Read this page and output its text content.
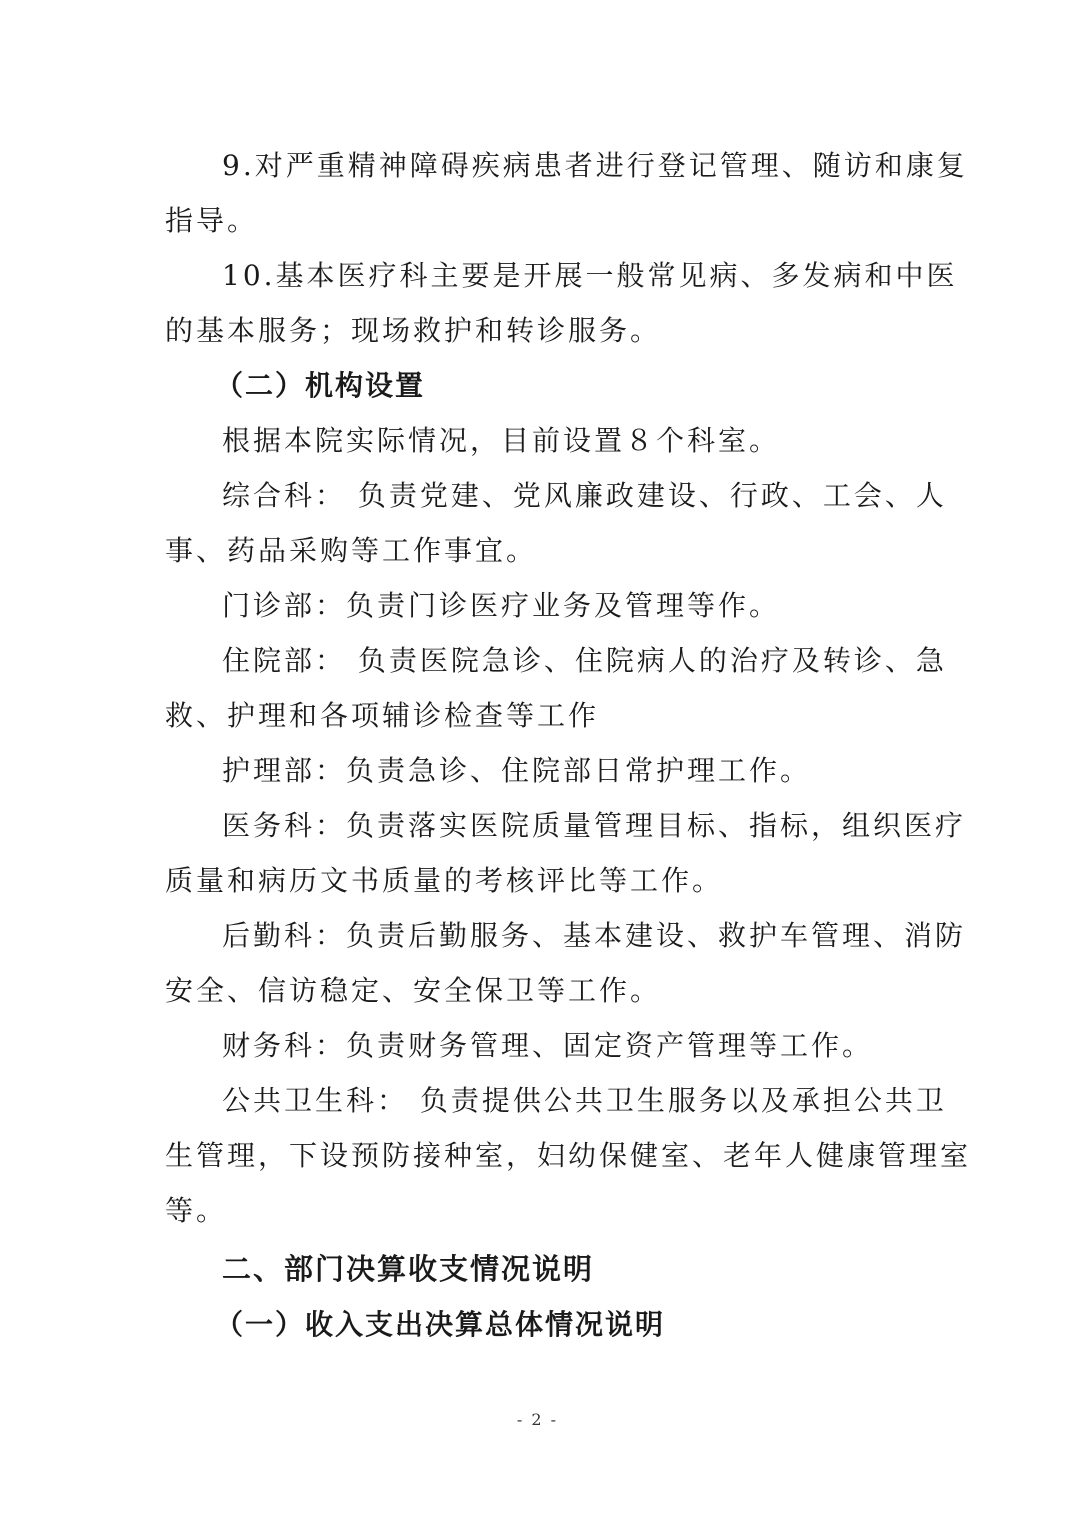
9.对严重精神障碍疾病患者进行登记管理、随访和康复
指导。
10.基本医疗科主要是开展一般常见病、多发病和中医
的基本服务；现场救护和转诊服务。
（二）机构设置
根据本院实际情况，目前设置８个科室。
综合科： 负责党建、党风廉政建设、行政、工会、人
事、药品采购等工作事宜。
门诊部：负责门诊医疗业务及管理等作。
住院部： 负责医院急诊、住院病人的治疗及转诊、急
救、护理和各项辅诊检查等工作
护理部：负责急诊、住院部日常护理工作。
医务科：负责落实医院质量管理目标、指标，组织医疗
质量和病历文书质量的考核评比等工作。
后勤科：负责后勤服务、基本建设、救护车管理、消防
安全、信访稳定、安全保卫等工作。
财务科：负责财务管理、固定资产管理等工作。
公共卫生科： 负责提供公共卫生服务以及承担公共卫
生管理，下设预防接种室，妇幼保健室、老年人健康管理室
等。
二、部门决算收支情况说明
（一）收入支出决算总体情况说明
- 2 -
